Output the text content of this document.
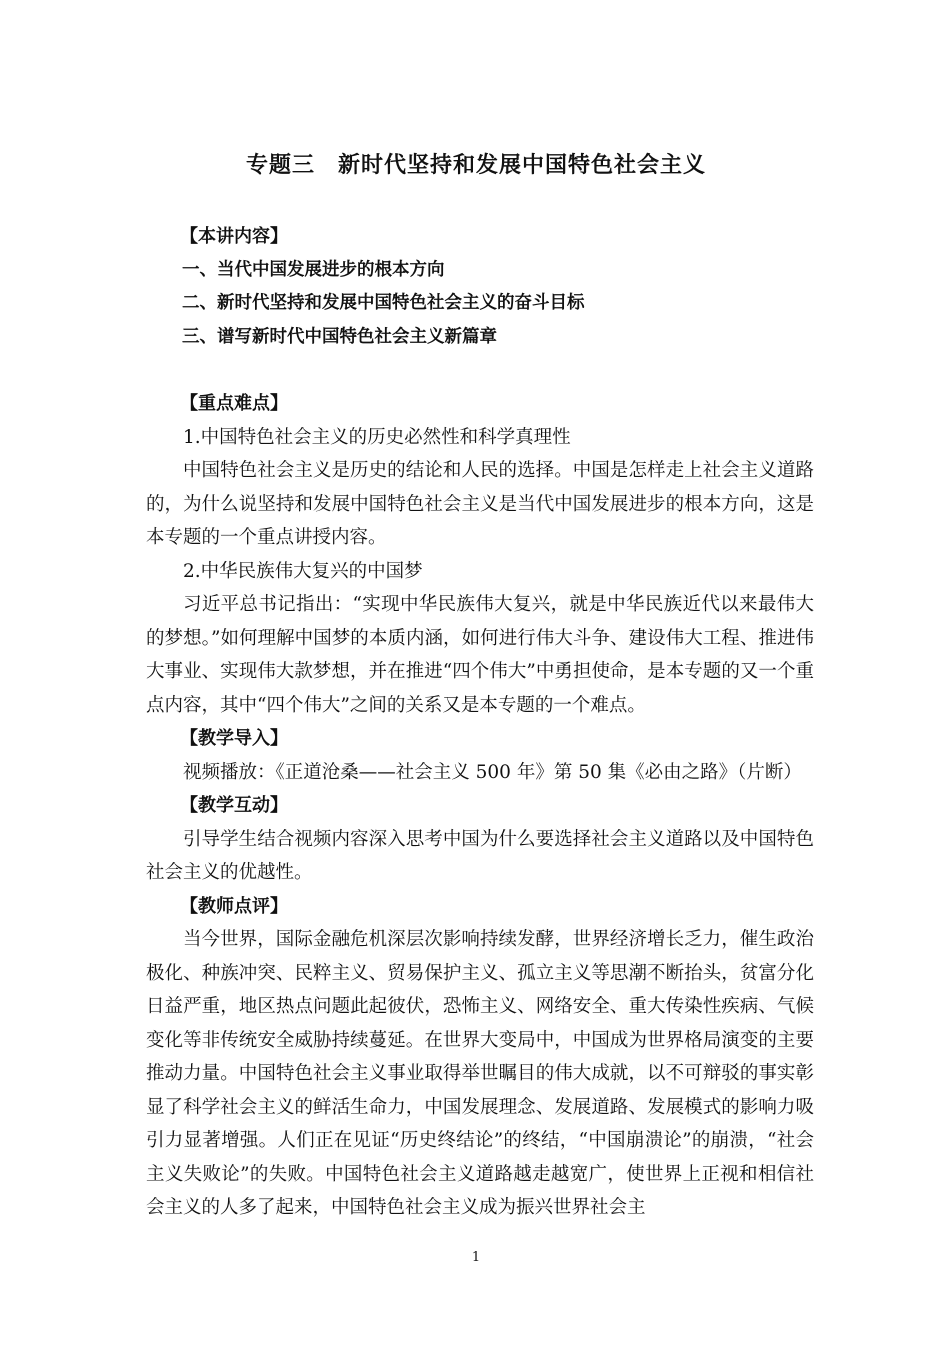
专题三　新时代坚持和发展中国特色社会主义
【本讲内容】
一、当代中国发展进步的根本方向
二、新时代坚持和发展中国特色社会主义的奋斗目标
三、谱写新时代中国特色社会主义新篇章
【重点难点】
1.中国特色社会主义的历史必然性和科学真理性
中国特色社会主义是历史的结论和人民的选择。中国是怎样走上社会主义道路的，为什么说坚持和发展中国特色社会主义是当代中国发展进步的根本方向，这是本专题的一个重点讲授内容。
2.中华民族伟大复兴的中国梦
习近平总书记指出：“实现中华民族伟大复兴，就是中华民族近代以来最伟大的梦想。”如何理解中国梦的本质内涵，如何进行伟大斗争、建设伟大工程、推进伟大事业、实现伟大款梦想，并在推进“四个伟大”中勇担使命，是本专题的又一个重点内容，其中“四个伟大”之间的关系又是本专题的一个难点。
【教学导入】
视频播放：《正道沧桑——社会主义 500 年》第 50 集《必由之路》（片断）
【教学互动】
引导学生结合视频内容深入思考中国为什么要选择社会主义道路以及中国特色社会主义的优越性。
【教师点评】
当今世界，国际金融危机深层次影响持续发酵，世界经济增长乏力，催生政治极化、种族冲突、民粹主义、贸易保护主义、孤立主义等思潮不断抬头，贫富分化日益严重，地区热点问题此起彼伏，恐怖主义、网络安全、重大传染性疾病、气候变化等非传统安全威胁持续蔓延。在世界大变局中，中国成为世界格局演变的主要推动力量。中国特色社会主义事业取得举世瞩目的伟大成就，以不可辩驳的事实彰显了科学社会主义的鲜活生命力，中国发展理念、发展道路、发展模式的影响力吸引力显著增强。人们正在见证“历史终结论”的终结，“中国崩溃论”的崩溃，“社会主义失败论”的失败。中国特色社会主义道路越走越宽广，使世界上正视和相信社会主义的人多了起来，中国特色社会主义成为振兴世界社会主
1
